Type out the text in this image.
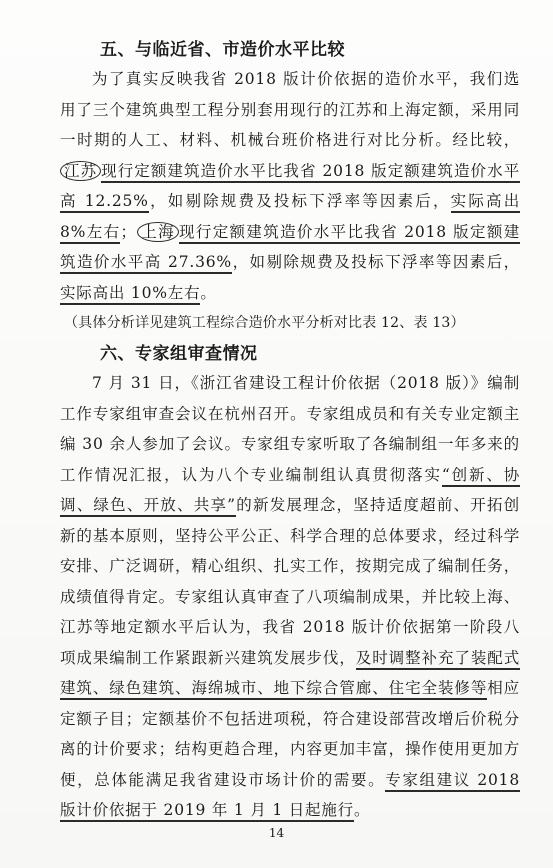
五、与临近省、市造价水平比较

为了真实反映我省 2018 版计价依据的造价水平，我们选用了三个建筑典型工程分别套用现行的江苏和上海定额，采用同一时期的人工、材料、机械台班价格进行对比分析。经比较，江苏 现行定额建筑造价水平比我省 2018 版定额建筑造价水平高 12.25%，如剔除规费及投标下浮率等因素后，实际高出 8%左右； 上海 现行定额建筑造价水平比我省 2018 版定额建筑造价水平高 27.36%，如剔除规费及投标下浮率等因素后，实际高出 10%左右。

（具体分析详见建筑工程综合造价水平分析对比表 12、表 13）

六、专家组审查情况

7 月 31 日，《浙江省建设工程计价依据（2018 版）》编制工作专家组审查会议在杭州召开。专家组成员和有关专业定额主编 30 余人参加了会议。专家组专家听取了各编制组一年多来的工作情况汇报，认为八个专业编制组认真贯彻落实“创新、协调、绿色、开放、共享”的新发展理念，坚持适度超前、开拓创新的基本原则，坚持公平公正、科学合理的总体要求，经过科学安排、广泛调研，精心组织、扎实工作，按期完成了编制任务，成绩值得肯定。专家组认真审查了八项编制成果，并比较上海、江苏等地定额水平后认为，我省 2018 版计价依据第一阶段八项成果编制工作紧跟新兴建筑发展步伐，及时调整补充了装配式建筑、绿色建筑、海绵城市、地下综合管廊、住宅全装修等相应定额子目；定额基价不包括进项税，符合建设部营改增后价税分离的计价要求；结构更趋合理，内容更加丰富，操作使用更加方便，总体能满足我省建设市场计价的需要。专家组建议 2018 版计价依据于 2019 年 1 月 1 日起施行。

14
